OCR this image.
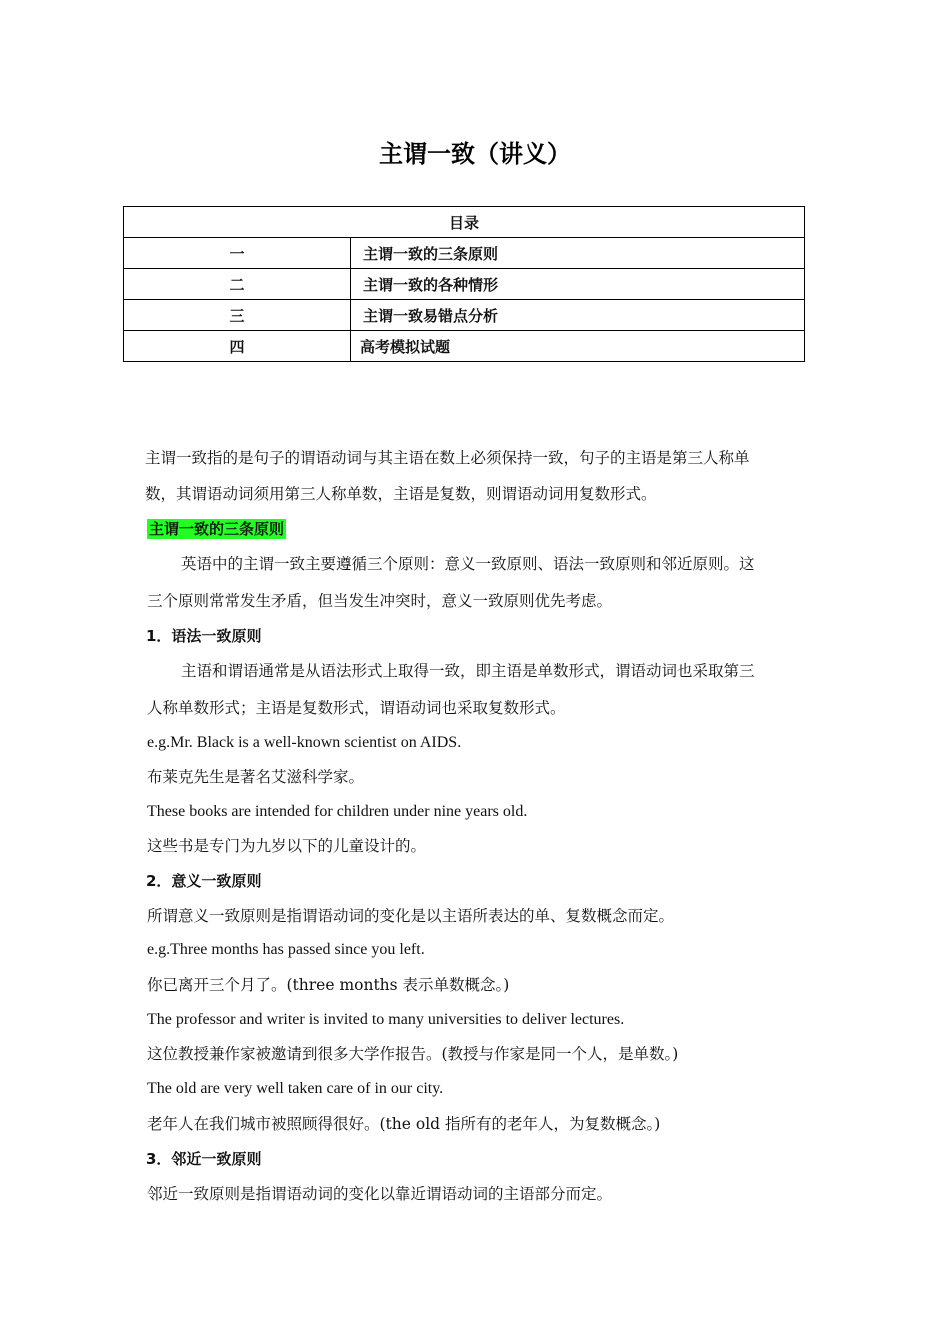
主谓一致（讲义）
目录	
一	主谓一致的三条原则
二	主谓一致的各种情形
三	主谓一致易错点分析
四	高考模拟试题
主谓一致指的是句子的谓语动词与其主语在数上必须保持一致，句子的主语是第三人称单
数，其谓语动词须用第三人称单数，主语是复数，则谓语动词用复数形式。
主谓一致的三条原则
英语中的主谓一致主要遵循三个原则：意义一致原则、语法一致原则和邻近原则。这
三个原则常常发生矛盾，但当发生冲突时，意义一致原则优先考虑。
1．语法一致原则
主语和谓语通常是从语法形式上取得一致，即主语是单数形式，谓语动词也采取第三
人称单数形式；主语是复数形式，谓语动词也采取复数形式。
e.g.Mr. Black is a well-known scientist on AIDS.
布莱克先生是著名艾滋科学家。
These books are intended for children under nine years old.
这些书是专门为九岁以下的儿童设计的。
2．意义一致原则
所谓意义一致原则是指谓语动词的变化是以主语所表达的单、复数概念而定。
e.g.Three months has passed since you left.
你已离开三个月了。(three months 表示单数概念。)
The professor and writer is invited to many universities to deliver lectures.
这位教授兼作家被邀请到很多大学作报告。(教授与作家是同一个人，是单数。)
The old are very well taken care of in our city.
老年人在我们城市被照顾得很好。(the old 指所有的老年人，为复数概念。)
3．邻近一致原则
邻近一致原则是指谓语动词的变化以靠近谓语动词的主语部分而定。
